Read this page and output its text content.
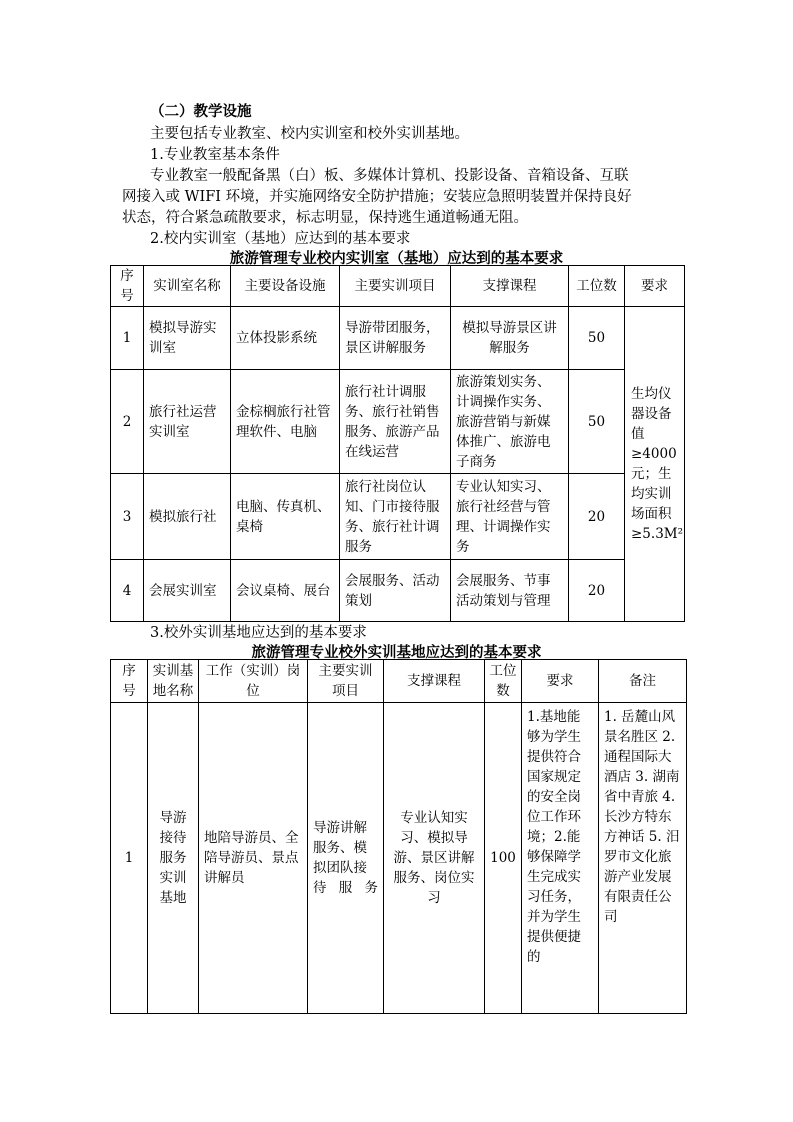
（二）教学设施
主要包括专业教室、校内实训室和校外实训基地。
1.专业教室基本条件
专业教室一般配备黑（白）板、多媒体计算机、投影设备、音箱设备、互联
网接入或 WIFI 环境，并实施网络安全防护措施；安装应急照明装置并保持良好
状态，符合紧急疏散要求，标志明显，保持逃生通道畅通无阻。
2.校内实训室（基地）应达到的基本要求
旅游管理专业校内实训室（基地）应达到的基本要求
序号	实训室名称	主要设备设施	主要实训项目	支撑课程	工位数	要求
1	模拟导游实训室	立体投影系统	导游带团服务，景区讲解服务	模拟导游景区讲解服务	50	生均仪器设备值≥4000元；生均实训场面积≥5.3M²
2	旅行社运营实训室	金棕榈旅行社管理软件、电脑	旅行社计调服务、旅行社销售服务、旅游产品在线运营	旅游策划实务、计调操作实务、旅游营销与新媒体推广、旅游电子商务	50	
3	模拟旅行社	电脑、传真机、桌椅	旅行社岗位认知、门市接待服务、旅行社计调服务	专业认知实习、旅行社经营与管理、计调操作实务	20	
4	会展实训室	会议桌椅、展台	会展服务、活动策划	会展服务、节事活动策划与管理	20	
3.校外实训基地应达到的基本要求
旅游管理专业校外实训基地应达到的基本要求
序号	实训基地名称	工作（实训）岗位	主要实训项目	支撑课程	工位数	要求	备注
1	导游接待服务实训基地	地陪导游员、全陪导游员、景点讲解员	导游讲解服务、模拟团队接待服务	专业认知实习、模拟导游、景区讲解服务、岗位实习	100	1.基地能够为学生提供符合国家规定的安全岗位工作环境；2.能够保障学生完成实习任务，并为学生提供便捷的	1. 岳麓山风景名胜区 2. 通程国际大酒店 3. 湖南省中青旅 4. 长沙方特东方神话 5. 汨罗市文化旅游产业发展有限责任公司
